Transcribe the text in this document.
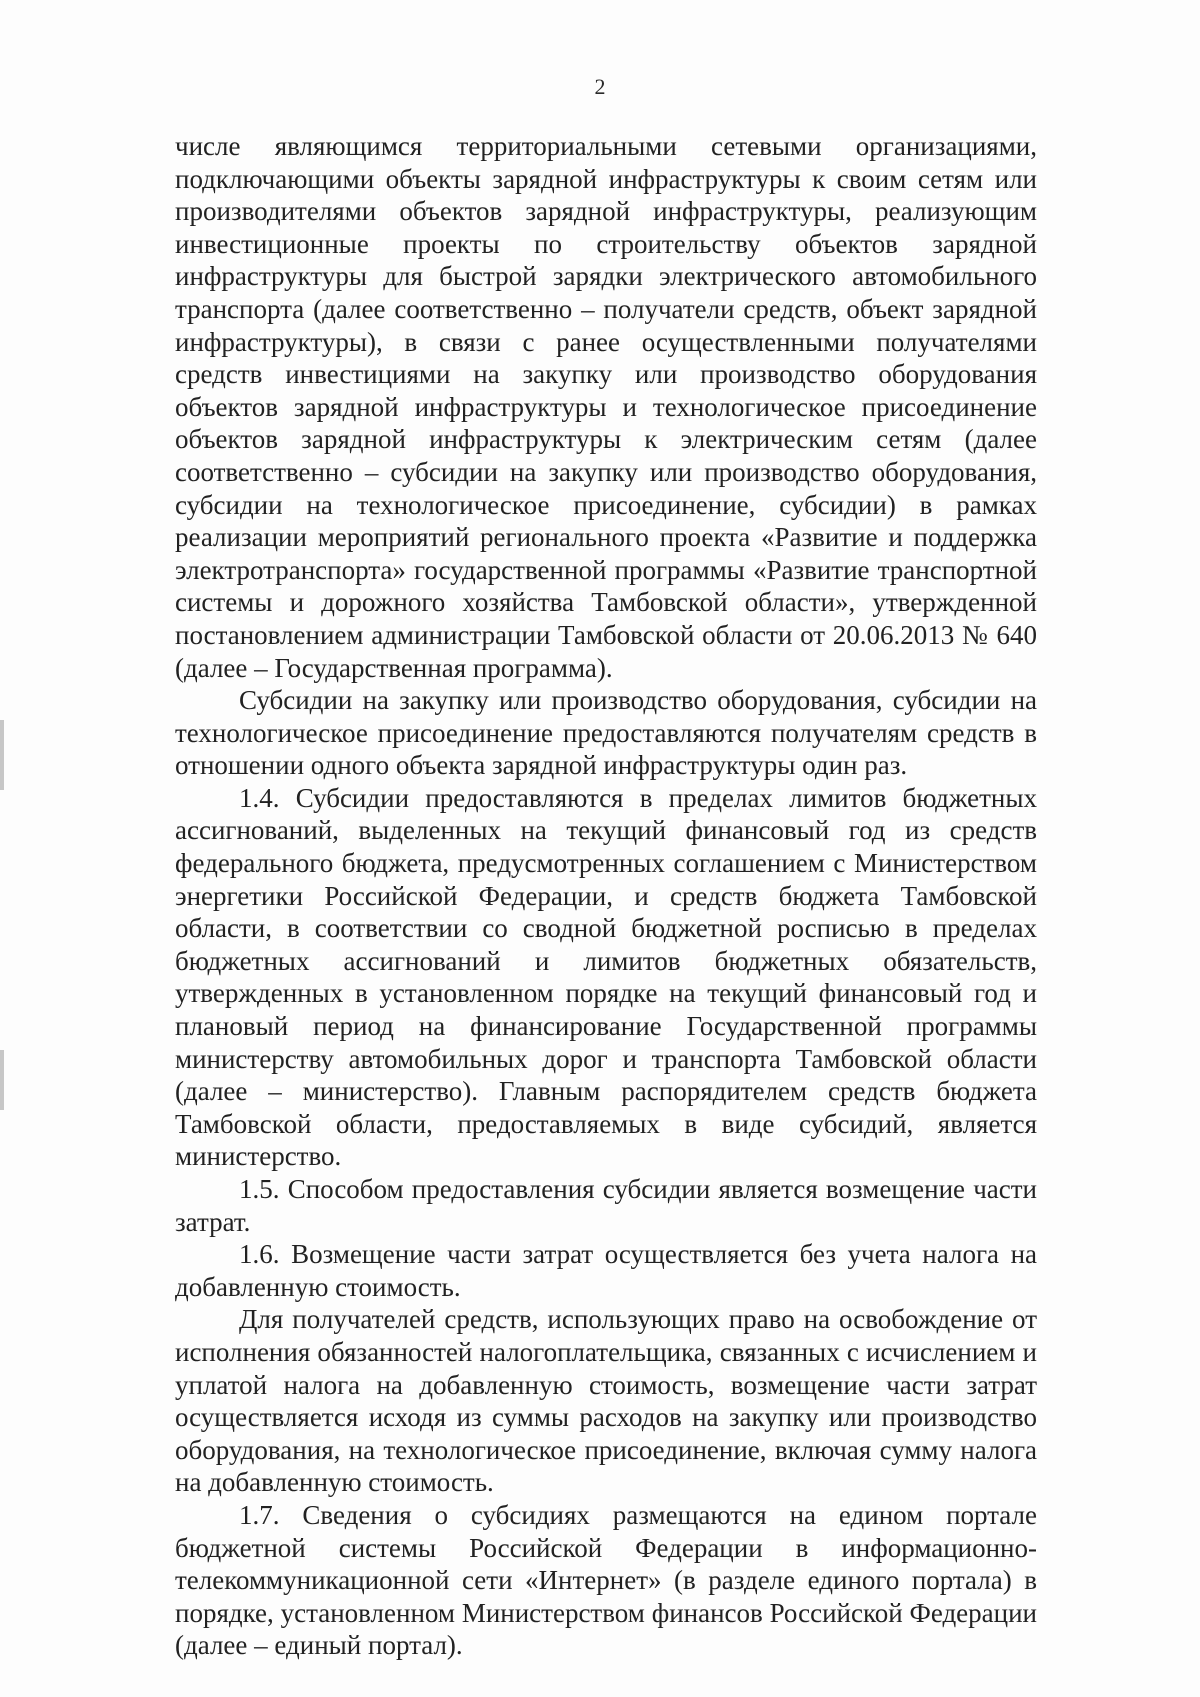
2

числе являющимся территориальными сетевыми организациями, подключающими объекты зарядной инфраструктуры к своим сетям или производителями объектов зарядной инфраструктуры, реализующим инвестиционные проекты по строительству объектов зарядной инфраструктуры для быстрой зарядки электрического автомобильного транспорта (далее соответственно – получатели средств, объект зарядной инфраструктуры), в связи с ранее осуществленными получателями средств инвестициями на закупку или производство оборудования объектов зарядной инфраструктуры и технологическое присоединение объектов зарядной инфраструктуры к электрическим сетям (далее соответственно – субсидии на закупку или производство оборудования, субсидии на технологическое присоединение, субсидии) в рамках реализации мероприятий регионального проекта «Развитие и поддержка электротранспорта» государственной программы «Развитие транспортной системы и дорожного хозяйства Тамбовской области», утвержденной постановлением администрации Тамбовской области от 20.06.2013 № 640 (далее – Государственная программа).

Субсидии на закупку или производство оборудования, субсидии на технологическое присоединение предоставляются получателям средств в отношении одного объекта зарядной инфраструктуры один раз.

1.4. Субсидии предоставляются в пределах лимитов бюджетных ассигнований, выделенных на текущий финансовый год из средств федерального бюджета, предусмотренных соглашением с Министерством энергетики Российской Федерации, и средств бюджета Тамбовской области, в соответствии со сводной бюджетной росписью в пределах бюджетных ассигнований и лимитов бюджетных обязательств, утвержденных в установленном порядке на текущий финансовый год и плановый период на финансирование Государственной программы министерству автомобильных дорог и транспорта Тамбовской области (далее – министерство). Главным распорядителем средств бюджета Тамбовской области, предоставляемых в виде субсидий, является министерство.

1.5. Способом предоставления субсидии является возмещение части затрат.

1.6. Возмещение части затрат осуществляется без учета налога на добавленную стоимость.

Для получателей средств, использующих право на освобождение от исполнения обязанностей налогоплательщика, связанных с исчислением и уплатой налога на добавленную стоимость, возмещение части затрат осуществляется исходя из суммы расходов на закупку или производство оборудования, на технологическое присоединение, включая сумму налога на добавленную стоимость.

1.7. Сведения о субсидиях размещаются на едином портале бюджетной системы Российской Федерации в информационно-телекоммуникационной сети «Интернет» (в разделе единого портала) в порядке, установленном Министерством финансов Российской Федерации (далее – единый портал).
